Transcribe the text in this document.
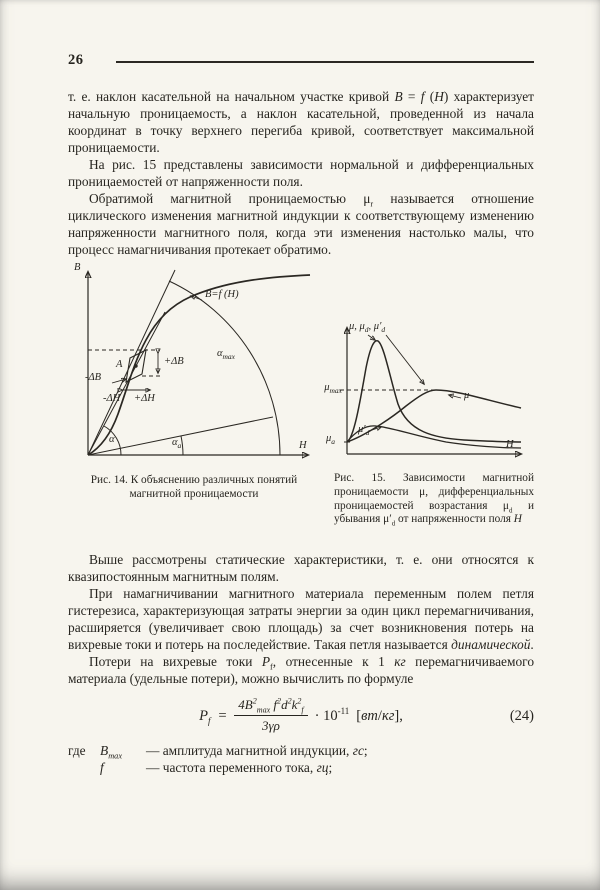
26

т. е. наклон касательной на начальном участке кривой B = f (H) характеризует начальную проницаемость, а наклон касательной, проведенной из начала координат в точку верхнего перегиба кривой, соответствует максимальной проницаемости.

На рис. 15 представлены зависимости нормальной и дифференциальных проницаемостей от напряженности поля.

Обратимой магнитной проницаемостью $\mu_r$ называется отношение циклического изменения магнитной индукции к соответствующему изменению напряженности магнитного поля, когда эти изменения настолько малы, что процесс намагничивания протекает обратимо.

B
B=f (H)
+ΔB
-ΔB
A
-ΔH +ΔH
$\alpha_{max}$
α	$\alpha_a$	H
Рис. 14. К объяснению различных понятий магнитной проницаемости
μ, $\mu_d$, $\mu'_d$
$\mu_{max}$	μ
$\mu_a$
$\mu'_d$
H
Рис. 15. Зависимости магнитной проницаемости μ, дифференциальных проницаемостей возрастания $\mu_d$ и убывания $\mu'_d$ от напряженности поля H

Выше рассмотрены статические характеристики, т. е. они относятся к квазипостоянным магнитным полям.

При намагничивании магнитного материала переменным полем петля гистерезиса, характеризующая затраты энергии за один цикл перемагничивания, расширяется (увеличивает свою площадь) за счет возникновения потерь на вихревые токи и потерь на последействие. Такая петля называется динамической.

Потери на вихревые токи $P_f$, отнесенные к 1 кг перемагничиваемого материала (удельные потери), можно вычислить по формуле

$P_f = \frac{4B^2_{max} f^2d^2k^2_f}{3\gamma\rho} \cdot 10^{-11}$ [вт/кг],	(24)
где	$B_{max}$	— амплитуда магнитной индукции, гс;
f	— частота переменного тока, гц;
